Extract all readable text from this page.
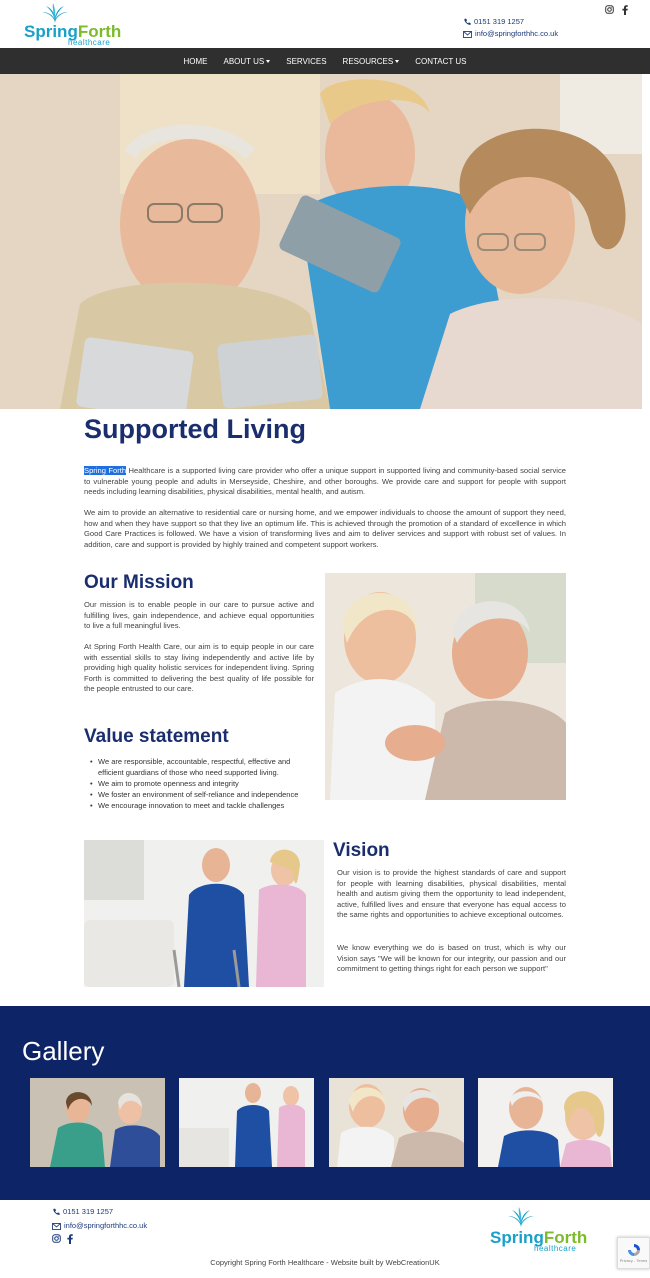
SpringForth
healthcare
0151 319 1257
info@springforthhc.co.uk
HOME ABOUT US	SERVICES RESOURCES	CONTACT US
Supported Living

Spring Forth Healthcare is a supported living care provider who offer a unique support in supported living and community-based social service to vulnerable young people and adults in Merseyside, Cheshire, and other boroughs. We provide care and support for people with support needs including learning disabilities, physical disabilities, mental health, and autism.

We aim to provide an alternative to residential care or nursing home, and we empower individuals to choose the amount of support they need, how and when they have support so that they live an optimum life. This is achieved through the promotion of a standard of excellence in which Good Care Practices is followed. We have a vision of transforming lives and aim to deliver services and support with robust set of values. In addition, care and support is provided by highly trained and competent support workers.

Our Mission

Our mission is to enable people in our care to pursue active and fulfilling lives, gain independence, and achieve equal opportunities to live a full meaningful lives.

At Spring Forth Health Care, our aim is to equip people in our care with essential skills to stay living independently and active life by providing high quality holistic services for independent living. Spring Forth is committed to delivering the best quality of life possible for the people entrusted to our care.

Value statement
• We are responsible, accountable, respectful, effective and efficient guardians of those who need supported living.
• We aim to promote openness and integrity
• We foster an environment of self-reliance and independence
• We encourage innovation to meet and tackle challenges
Vision

Our vision is to provide the highest standards of care and support for people with learning disabilities, physical disabilities, mental health and autism giving them the opportunity to lead independent, active, fulfilled lives and ensure that everyone has equal access to the same rights and opportunities to achieve exceptional outcomes.

We know everything we do is based on trust, which is why our Vision says "We will be known for our integrity, our passion and our commitment to getting things right for each person we support"

Gallery
0151 319 1257
info@springforthhc.co.uk
SpringForth
healthcare
Copyright Spring Forth Healthcare - Website built by WebCreationUK	Privacy - Terms
